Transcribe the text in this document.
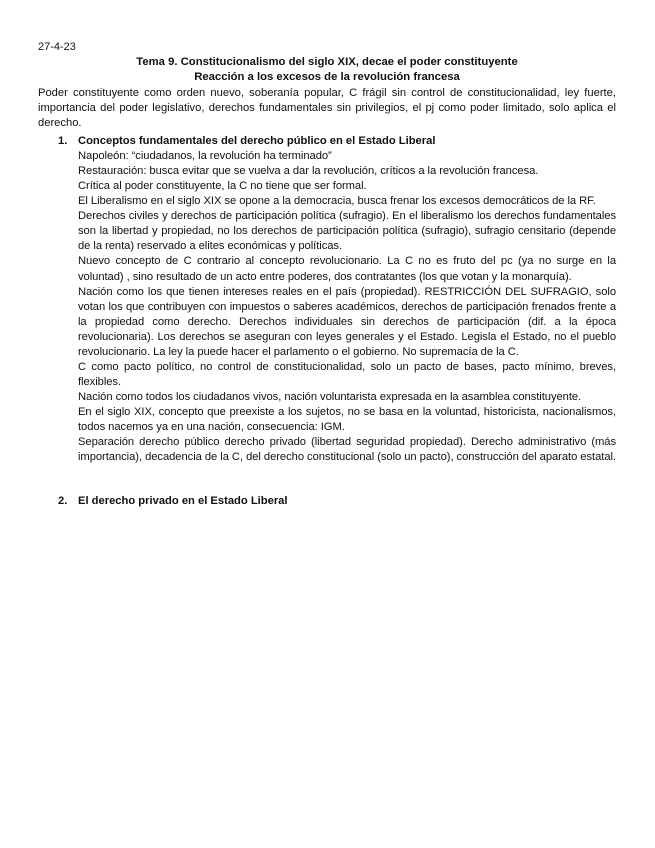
27-4-23
Tema 9. Constitucionalismo del siglo XIX, decae el poder constituyente
Reacción a los excesos de la revolución francesa

Poder constituyente como orden nuevo, soberanía popular, C frágil sin control de constitucionalidad, ley fuerte, importancia del poder legislativo, derechos fundamentales sin privilegios, el pj como poder limitado, solo aplica el derecho.

1. Conceptos fundamentales del derecho público en el Estado Liberal

Napoleón: “ciudadanos, la revolución ha terminado”

Restauración: busca evitar que se vuelva a dar la revolución, críticos a la revolución francesa.

Crítica al poder constituyente, la C no tiene que ser formal.

El Liberalismo en el siglo XIX se opone a la democracia, busca frenar los excesos democráticos de la RF.

Derechos civiles y derechos de participación política (sufragio). En el liberalismo los derechos fundamentales son la libertad y propiedad, no los derechos de participación política (sufragio), sufragio censitario (depende de la renta) reservado a elites económicas y políticas.

Nuevo concepto de C contrario al concepto revolucionario. La C no es fruto del pc (ya no surge en la voluntad) , sino resultado de un acto entre poderes, dos contratantes (los que votan y la monarquía).

Nación como los que tienen intereses reales en el país (propiedad). RESTRICCIÓN DEL SUFRAGIO, solo votan los que contribuyen con impuestos o saberes académicos, derechos de participación frenados frente a la propiedad como derecho. Derechos individuales sin derechos de participación (dif. a la época revolucionaria). Los derechos se aseguran con leyes generales y el Estado. Legisla el Estado, no el pueblo revolucionario. La ley la puede hacer el parlamento o el gobierno. No supremacía de la C.

C como pacto político, no control de constitucionalidad, solo un pacto de bases, pacto mínimo, breves, flexibles.

Nación como todos los ciudadanos vivos, nación voluntarista expresada en la asamblea constituyente.

En el siglo XIX, concepto que preexiste a los sujetos, no se basa en la voluntad, historicista, nacionalismos, todos nacemos ya en una nación, consecuencia: IGM.

Separación derecho público derecho privado (libertad seguridad propiedad). Derecho administrativo (más importancia), decadencia de la C, del derecho constitucional (solo un pacto), construcción del aparato estatal.

2. El derecho privado en el Estado Liberal
